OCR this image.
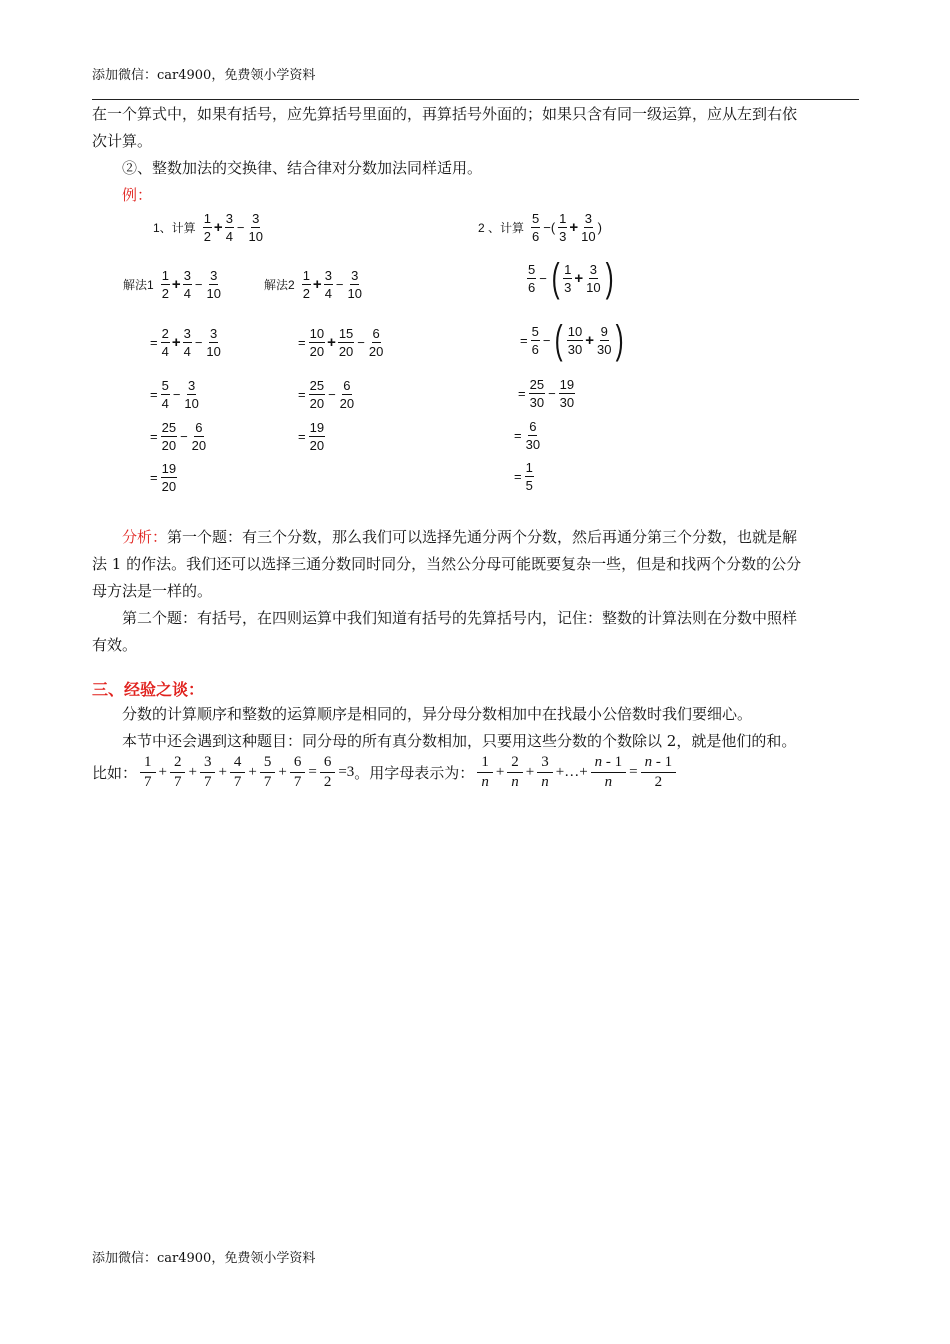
添加微信：car4900，免费领小学资料
在一个算式中，如果有括号，应先算括号里面的，再算括号外面的；如果只含有同一级运算，应从左到右依
次计算。
②、整数加法的交换律、结合律对分数加法同样适用。
例：
1、计算
1
2
+ $\frac{3}{4} - \frac{3}{10}$	2 、计算
5
6
−(
1
3
+ $\frac{3}{10}$ )
解法1
1
2
+ $\frac{3}{4} - \frac{3}{10}$
= $\frac{2}{4} + \frac{3}{4} - \frac{3}{10}$
= $\frac{5}{4} - \frac{3}{10}$
= $\frac{25}{20} - \frac{6}{20}$
= $\frac{19}{20}$
解法2
1
2
+ $\frac{3}{4} - \frac{3}{10}$
= $\frac{10}{20} + \frac{15}{20} - \frac{6}{20}$
= $\frac{25}{20} - \frac{6}{20}$
= $\frac{19}{20}$
5
6
− ( 1
3
+ $\frac{3}{10}$ )
= $\frac{5}{6}$ − ( 10
30
+ $\frac{9}{30}$ )
= $\frac{25}{30} - \frac{19}{30}$
= $\frac{6}{30}$
= $\frac{1}{5}$
分析：第一个题：有三个分数，那么我们可以选择先通分两个分数，然后再通分第三个分数，也就是解
法 1 的作法。我们还可以选择三通分数同时同分，当然公分母可能既要复杂一些，但是和找两个分数的公分
母方法是一样的。
第二个题：有括号，在四则运算中我们知道有括号的先算括号内，记住：整数的计算法则在分数中照样
有效。
三、经验之谈：
分数的计算顺序和整数的运算顺序是相同的，异分母分数相加中在找最小公倍数时我们要细心。
本节中还会遇到这种题目：同分母的所有真分数相加，只要用这些分数的个数除以 2，就是他们的和。
比如：
1
7
+ $\frac{2}{7} + \frac{3}{7} + \frac{4}{7} + \frac{5}{7} + \frac{6}{7} = \frac{6}{2} =3$ 。用字母表示为：
1
n
+ $\frac{2}{n} + \frac{3}{n}$ +…+ $\frac{n - 1}{n} = \frac{n - 1}{2}$
添加微信：car4900，免费领小学资料
